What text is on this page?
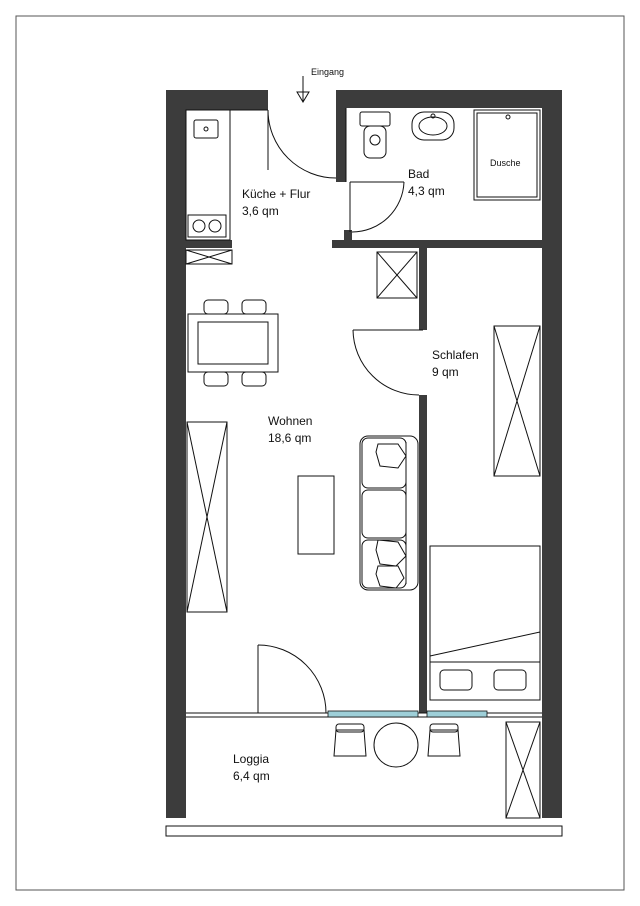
Eingang
Dusche
Küche + Flur
3,6 qm
Bad
4,3 qm
Schlafen
9 qm
Wohnen
18,6 qm
Loggia
6,4 qm
